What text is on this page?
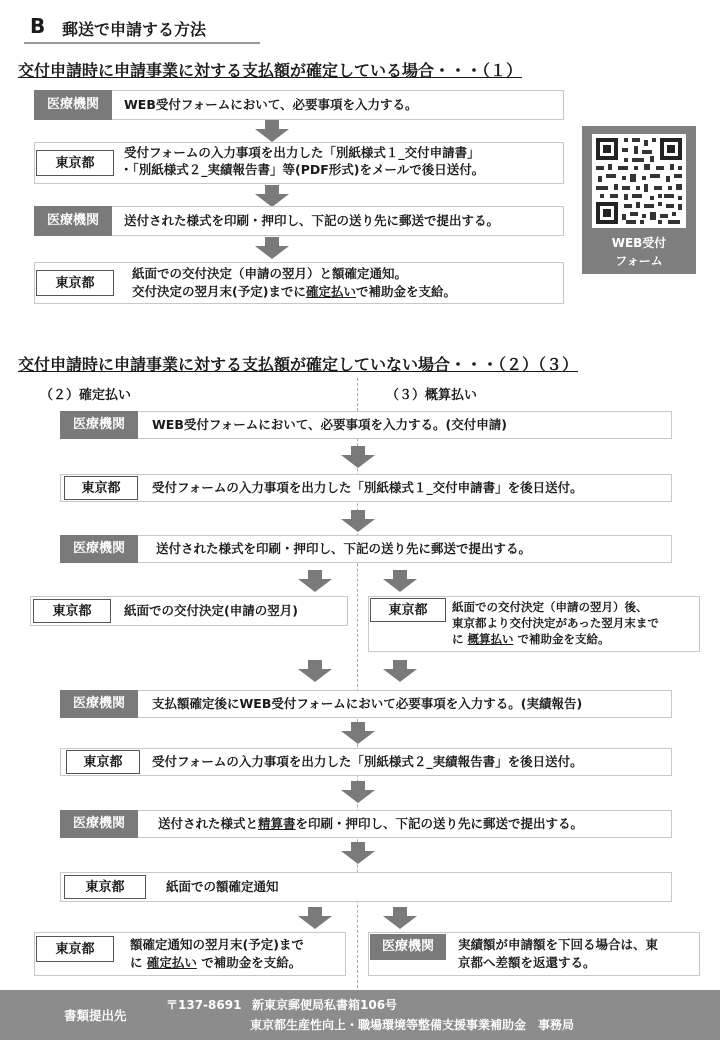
B 郵送で申請する方法
交付申請時に申請事業に対する支払額が確定している場合・・・（１）
医療機関	WEB受付フォームにおいて、必要事項を入力する。
東京都
受付フォームの入力事項を出力した「別紙様式１_交付申請書」
・「別紙様式２_実績報告書」等(PDF形式)をメールで後日送付。
医療機関	送付された様式を印刷・押印し、下記の送り先に郵送で提出する。
東京都
紙面での交付決定（申請の翌月）と額確定通知。
交付決定の翌月末(予定)までに確定払いで補助金を支給。
WEB受付
フォーム
交付申請時に申請事業に対する支払額が確定していない場合・・・（２）（３）
（２）確定払い	（３）概算払い
医療機関	WEB受付フォームにおいて、必要事項を入力する。(交付申請)
東京都	受付フォームの入力事項を出力した「別紙様式１_交付申請書」を後日送付。
医療機関	送付された様式を印刷・押印し、下記の送り先に郵送で提出する。
東京都	紙面での交付決定(申請の翌月)	東京都	紙面での交付決定（申請の翌月）後、
東京都より交付決定があった翌月末まで
に 概算払い で補助金を支給。
医療機関	支払額確定後にWEB受付フォームにおいて必要事項を入力する。(実績報告)
東京都	受付フォームの入力事項を出力した「別紙様式２_実績報告書」を後日送付。
医療機関	送付された様式と精算書を印刷・押印し、下記の送り先に郵送で提出する。
東京都	紙面での額確定通知
東京都	額確定通知の翌月末(予定)まで
に 確定払い で補助金を支給。
医療機関	実績額が申請額を下回る場合は、東
京都へ差額を返還する。
書類提出先
〒137-8691 新東京郵便局私書箱106号
東京都生産性向上・職場環境等整備支援事業補助金　事務局
